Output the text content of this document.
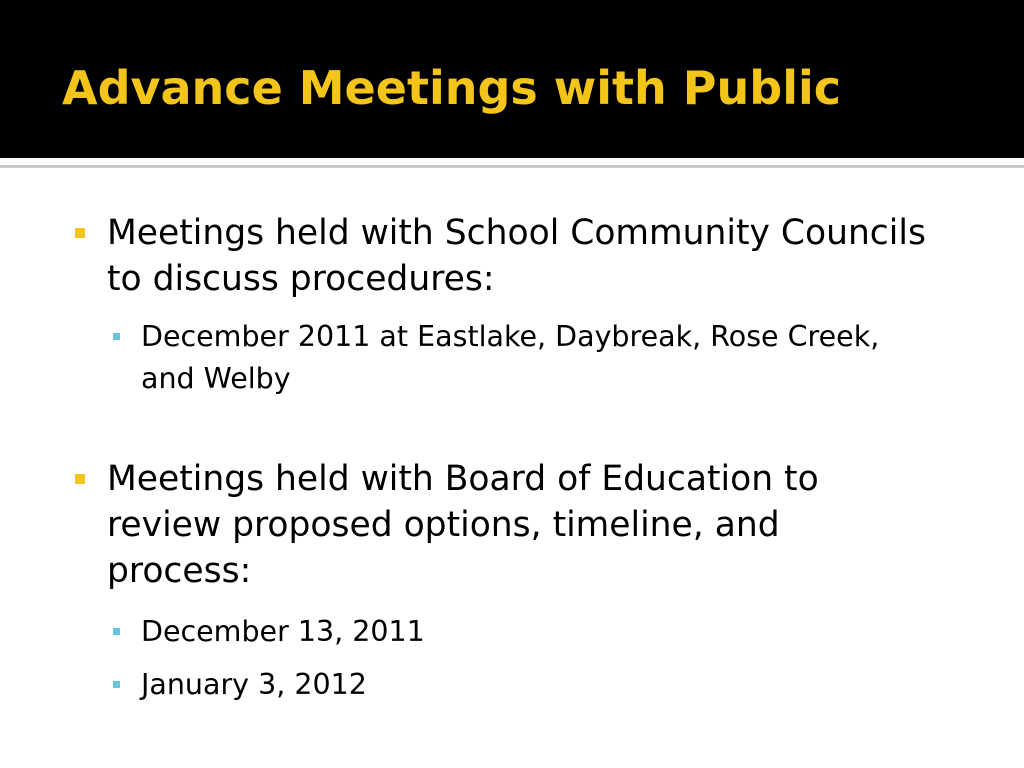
Advance Meetings with Public

Meetings held with School Community Councils to discuss procedures:

December 2011 at Eastlake, Daybreak, Rose Creek, and Welby

Meetings held with Board of Education to review proposed options, timeline, and process:

December 13, 2011

January 3, 2012
